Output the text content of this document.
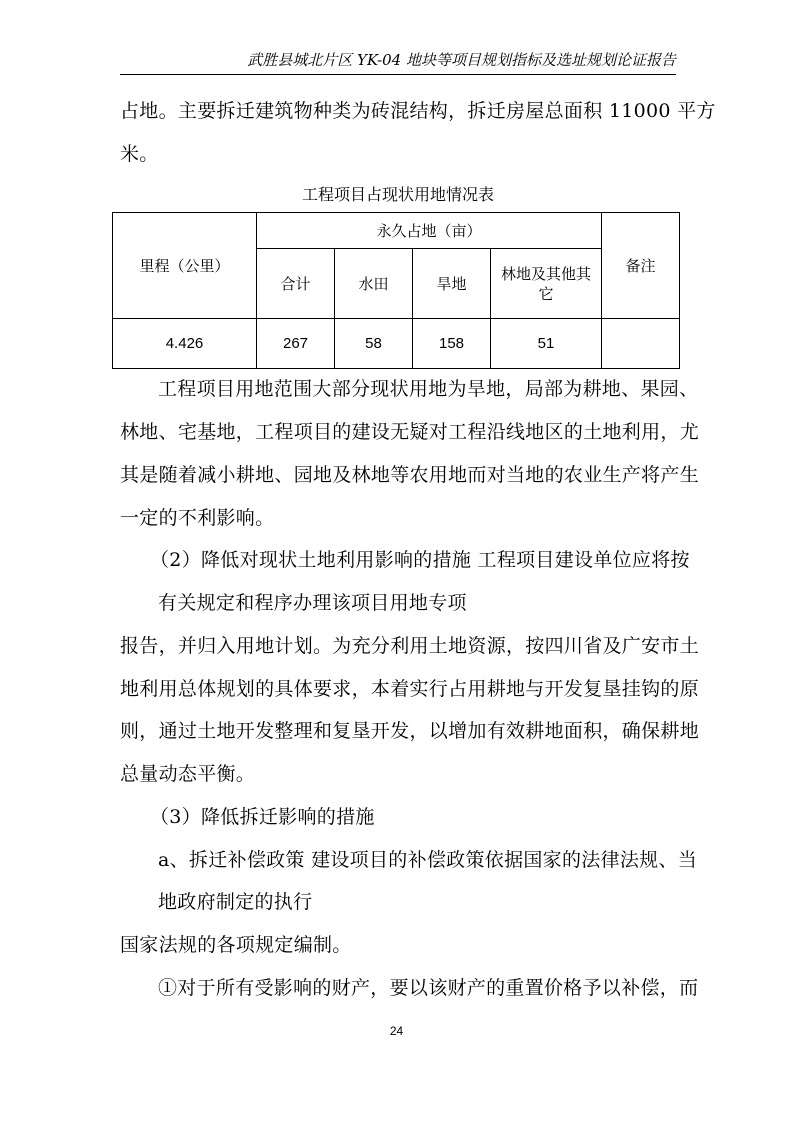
武胜县城北片区 YK-04 地块等项目规划指标及选址规划论证报告
占地。主要拆迁建筑物种类为砖混结构，拆迁房屋总面积 11000 平方
米。
工程项目占现状用地情况表
里程（公里）	永久占地（亩）				备注
	合计	水田	旱地	林地及其他其它	
4.426	267	58	158	51	
工程项目用地范围大部分现状用地为旱地，局部为耕地、果园、
林地、宅基地，工程项目的建设无疑对工程沿线地区的土地利用，尤
其是随着减小耕地、园地及林地等农用地而对当地的农业生产将产生
一定的不利影响。
（2）降低对现状土地利用影响的措施 工程项目建设单位应将按
有关规定和程序办理该项目用地专项
报告，并归入用地计划。为充分利用土地资源，按四川省及广安市土
地利用总体规划的具体要求，本着实行占用耕地与开发复垦挂钩的原
则，通过土地开发整理和复垦开发，以增加有效耕地面积，确保耕地
总量动态平衡。
（3）降低拆迁影响的措施
a、拆迁补偿政策 建设项目的补偿政策依据国家的法律法规、当
地政府制定的执行
国家法规的各项规定编制。
①对于所有受影响的财产，要以该财产的重置价格予以补偿，而
24
